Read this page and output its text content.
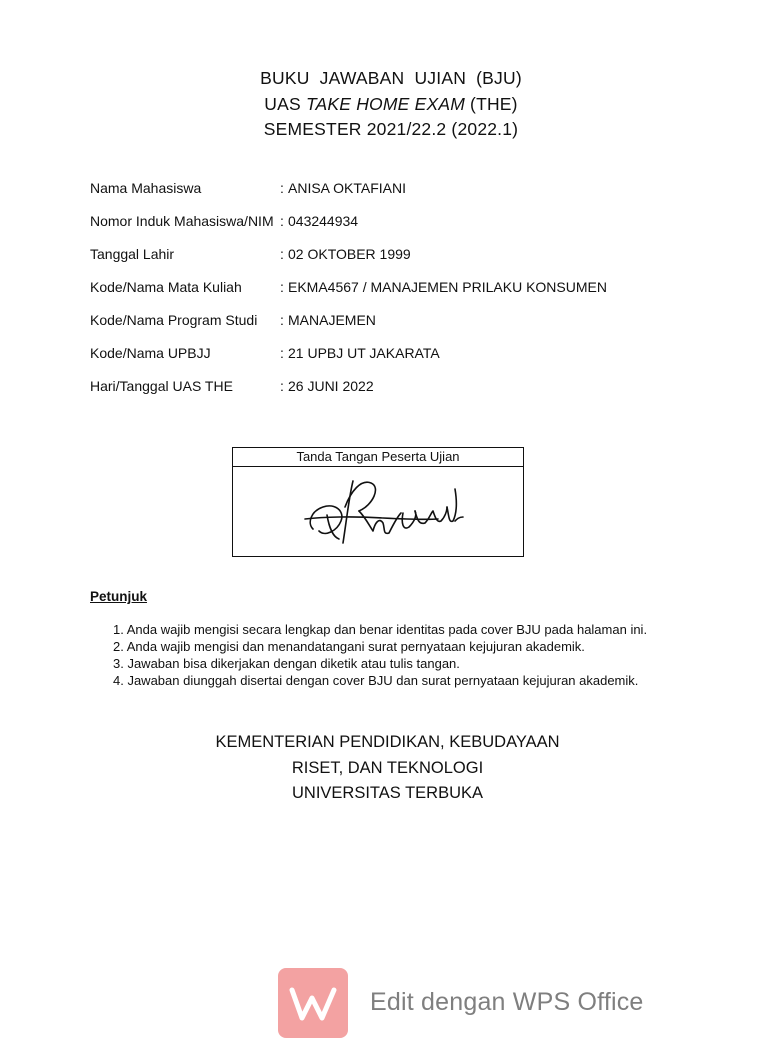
BUKU  JAWABAN  UJIAN  (BJU)
UAS TAKE HOME EXAM (THE)
SEMESTER 2021/22.2 (2022.1)
Nama Mahasiswa	: ANISA OKTAFIANI
Nomor Induk Mahasiswa/NIM : 043244934
Tanggal Lahir	: 02 OKTOBER 1999
Kode/Nama Mata Kuliah	: EKMA4567 / MANAJEMEN PRILAKU KONSUMEN
Kode/Nama Program Studi : MANAJEMEN
Kode/Nama UPBJJ	: 21 UPBJ UT JAKARATA
Hari/Tanggal UAS THE	: 26 JUNI 2022
Tanda Tangan Peserta Ujian
Petunjuk
1. Anda wajib mengisi secara lengkap dan benar identitas pada cover BJU pada halaman ini.
2. Anda wajib mengisi dan menandatangani surat pernyataan kejujuran akademik.
3. Jawaban bisa dikerjakan dengan diketik atau tulis tangan.
4. Jawaban diunggah disertai dengan cover BJU dan surat pernyataan kejujuran akademik.
KEMENTERIAN PENDIDIKAN, KEBUDAYAAN
RISET, DAN TEKNOLOGI
UNIVERSITAS TERBUKA
Edit dengan WPS Office
